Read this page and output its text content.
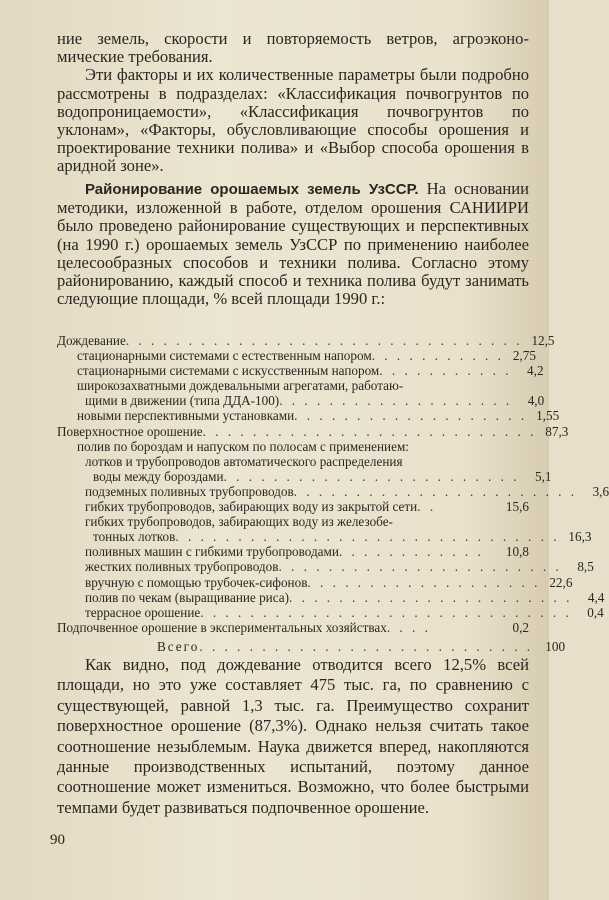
ние земель, скорости и повторяемость ветров, агроэконо-мические требования.

Эти факторы и их количественные параметры были подробно рассмотрены в подразделах: «Классификация почвогрунтов по водопроницаемости», «Классификация почвогрунтов по уклонам», «Факторы, обусловливающие способы орошения и проектирование техники полива» и «Выбор способа орошения в аридной зоне».

Районирование орошаемых земель УзССР. На основании методики, изложенной в работе, отделом орошения САНИИРИ было проведено районирование существующих и перспективных (на 1990 г.) орошаемых земель УзССР по применению наиболее целесообразных способов и техники полива. Согласно этому районированию, каждый способ и техника полива будут занимать следующие площади, % всей площади 1990 г.:

Дождевание . . . . . . . . . . . . . . . . . . . . . . . . . . . . . . . . 12,5
стационарными системами с естественным напором . . . . . . . . . . . 2,75
стационарными системами с искусственным напором . . . . . . . . . . .	4,2
широкозахватными дождевальными агрегатами, работаю-
щими в движении (типа ДДА-100) . . . . . . . . . . . . . . . . . . .	4,0
новыми перспективными установками . . . . . . . . . . . . . . . . . . . 1,55
Поверхностное орошение . . . . . . . . . . . . . . . . . . . . . . . . . . . 87,3
полив по бороздам и напуском по полосам с применением:
лотков и трубопроводов автоматического распределения
воды между бороздами . . . . . . . . . . . . . . . . . . . . . . . .	5,1
подземных поливных трубопроводов . . . . . . . . . . . . . . . . . . . . . . .	3,6
гибких трубопроводов, забирающих воду из закрытой сети . .	15,6
гибких трубопроводов, забирающих воду из железобе-
тонных лотков . . . . . . . . . . . . . . . . . . . . . . . . . . . . . . . 16,3
поливных машин с гибкими трубопроводами . . . . . . . . . . . .	10,8
жестких поливных трубопроводов . . . . . . . . . . . . . . . . . . . . . . .	8,5
вручную с помощью трубочек-сифонов . . . . . . . . . . . . . . . . . . . 22,6
полив по чекам (выращивание риса) . . . . . . . . . . . . . . . . . . . . . . .	4,4
террасное орошение . . . . . . . . . . . . . . . . . . . . . . . . . . . . . .	0,4
Подпочвенное орошение в экспериментальных хозяйствах . . . .	0,2
Всего . . . . . . . . . . . . . . . . . . . . . . . . . . . 100

Как видно, под дождевание отводится всего 12,5% всей площади, но это уже составляет 475 тыс. га, по сравнению с существующей, равной 1,3 тыс. га. Преимущество сохранит поверхностное орошение (87,3%). Однако нельзя считать такое соотношение незыблемым. Наука движется вперед, накопляются данные производственных испытаний, поэтому данное соотношение может измениться. Возможно, что более быстрыми темпами будет развиваться подпочвенное орошение.

90
